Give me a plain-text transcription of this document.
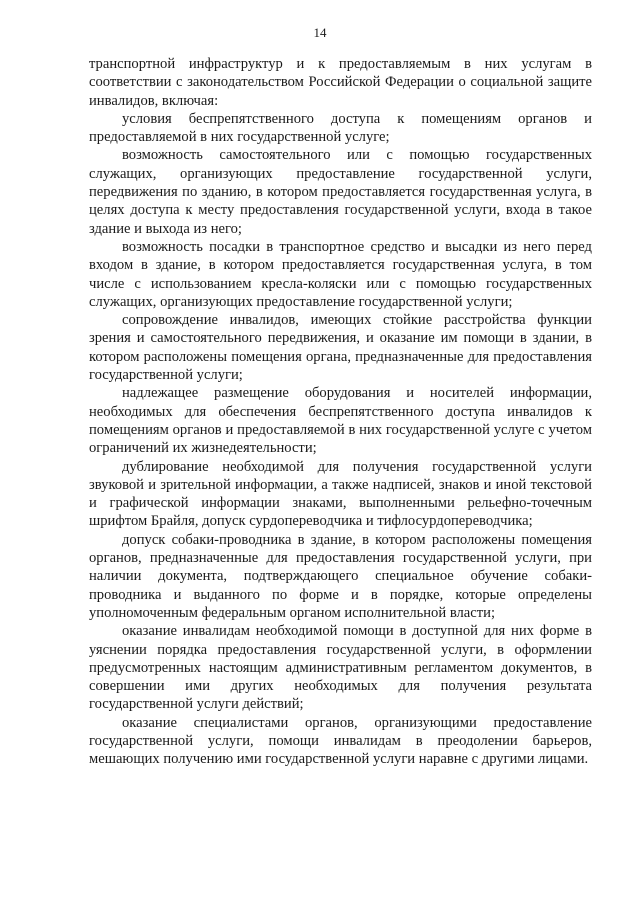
14

транспортной инфраструктур и к предоставляемым в них услугам в соответствии с законодательством Российской Федерации о социальной защите инвалидов, включая:

условия беспрепятственного доступа к помещениям органов и предоставляемой в них государственной услуге;

возможность самостоятельного или с помощью государственных служащих, организующих предоставление государственной услуги, передвижения по зданию, в котором предоставляется государственная услуга, в целях доступа к месту предоставления государственной услуги, входа в такое здание и выхода из него;

возможность посадки в транспортное средство и высадки из него перед входом в здание, в котором предоставляется государственная услуга, в том числе с использованием кресла-коляски или с помощью государственных служащих, организующих предоставление государственной услуги;

сопровождение инвалидов, имеющих стойкие расстройства функции зрения и самостоятельного передвижения, и оказание им помощи в здании, в котором расположены помещения органа, предназначенные для предоставления государственной услуги;

надлежащее размещение оборудования и носителей информации, необходимых для обеспечения беспрепятственного доступа инвалидов к помещениям органов и предоставляемой в них государственной услуге с учетом ограничений их жизнедеятельности;

дублирование необходимой для получения государственной услуги звуковой и зрительной информации, а также надписей, знаков и иной текстовой и графической информации знаками, выполненными рельефно-точечным шрифтом Брайля, допуск сурдопереводчика и тифлосурдопереводчика;

допуск собаки-проводника в здание, в котором расположены помещения органов, предназначенные для предоставления государственной услуги, при наличии документа, подтверждающего специальное обучение собаки-проводника и выданного по форме и в порядке, которые определены уполномоченным федеральным органом исполнительной власти;

оказание инвалидам необходимой помощи в доступной для них форме в уяснении порядка предоставления государственной услуги, в оформлении предусмотренных настоящим административным регламентом документов, в совершении ими других необходимых для получения результата государственной услуги действий;

оказание специалистами органов, организующими предоставление государственной услуги, помощи инвалидам в преодолении барьеров, мешающих получению ими государственной услуги наравне с другими лицами.
